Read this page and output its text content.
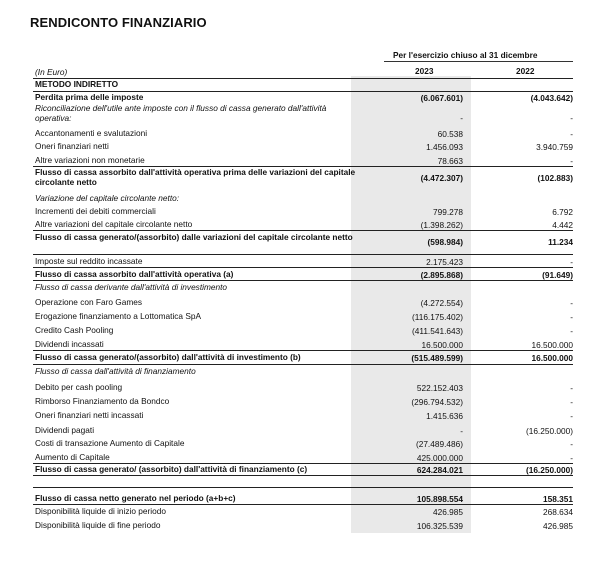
RENDICONTO FINANZIARIO
Per l'esercizio chiuso al 31 dicembre
2023	2022
(In Euro)
METODO INDIRETTO
Perdita prima delle imposte	(6.067.601)	(4.043.642)
Riconciliazione dell'utile ante imposte con il flusso di cassa generato dall'attività operativa:	-	-
Accantonamenti e svalutazioni	60.538	-
Oneri finanziari netti	1.456.093	3.940.759
Altre variazioni non monetarie	78.663	-
Flusso di cassa assorbito dall'attività operativa prima delle variazioni del capitale circolante netto	(4.472.307)	(102.883)
Variazione del capitale circolante netto:
Incrementi dei debiti commerciali	799.278	6.792
Altre variazioni del capitale circolante netto	(1.398.262)	4.442
Flusso di cassa generato/(assorbito) dalle variazioni del capitale circolante netto	(598.984)	11.234
Imposte sul reddito incassate	2.175.423	-
Flusso di cassa assorbito dall'attività operativa (a)	(2.895.868)	(91.649)
Flusso di cassa derivante dall'attività di investimento
Operazione con Faro Games	(4.272.554)	-
Erogazione finanziamento a Lottomatica SpA	(116.175.402)	-
Credito Cash Pooling	(411.541.643)	-
Dividendi incassati	16.500.000	16.500.000
Flusso di cassa generato/(assorbito) dall'attività di investimento (b)	(515.489.599)	16.500.000
Flusso di cassa dall'attività di finanziamento
Debito per cash pooling	522.152.403	-
Rimborso Finanziamento da Bondco	(296.794.532)	-
Oneri finanziari netti incassati	1.415.636	-
Dividendi pagati	-	(16.250.000)
Costi di transazione Aumento di Capitale	(27.489.486)	-
Aumento di Capitale	425.000.000	-
Flusso di cassa generato/ (assorbito) dall'attività di finanziamento (c)	624.284.021	(16.250.000)
Flusso di cassa netto generato nel periodo (a+b+c)	105.898.554	158.351
Disponibilità liquide di inizio periodo	426.985	268.634
Disponibilità liquide di fine periodo	106.325.539	426.985
